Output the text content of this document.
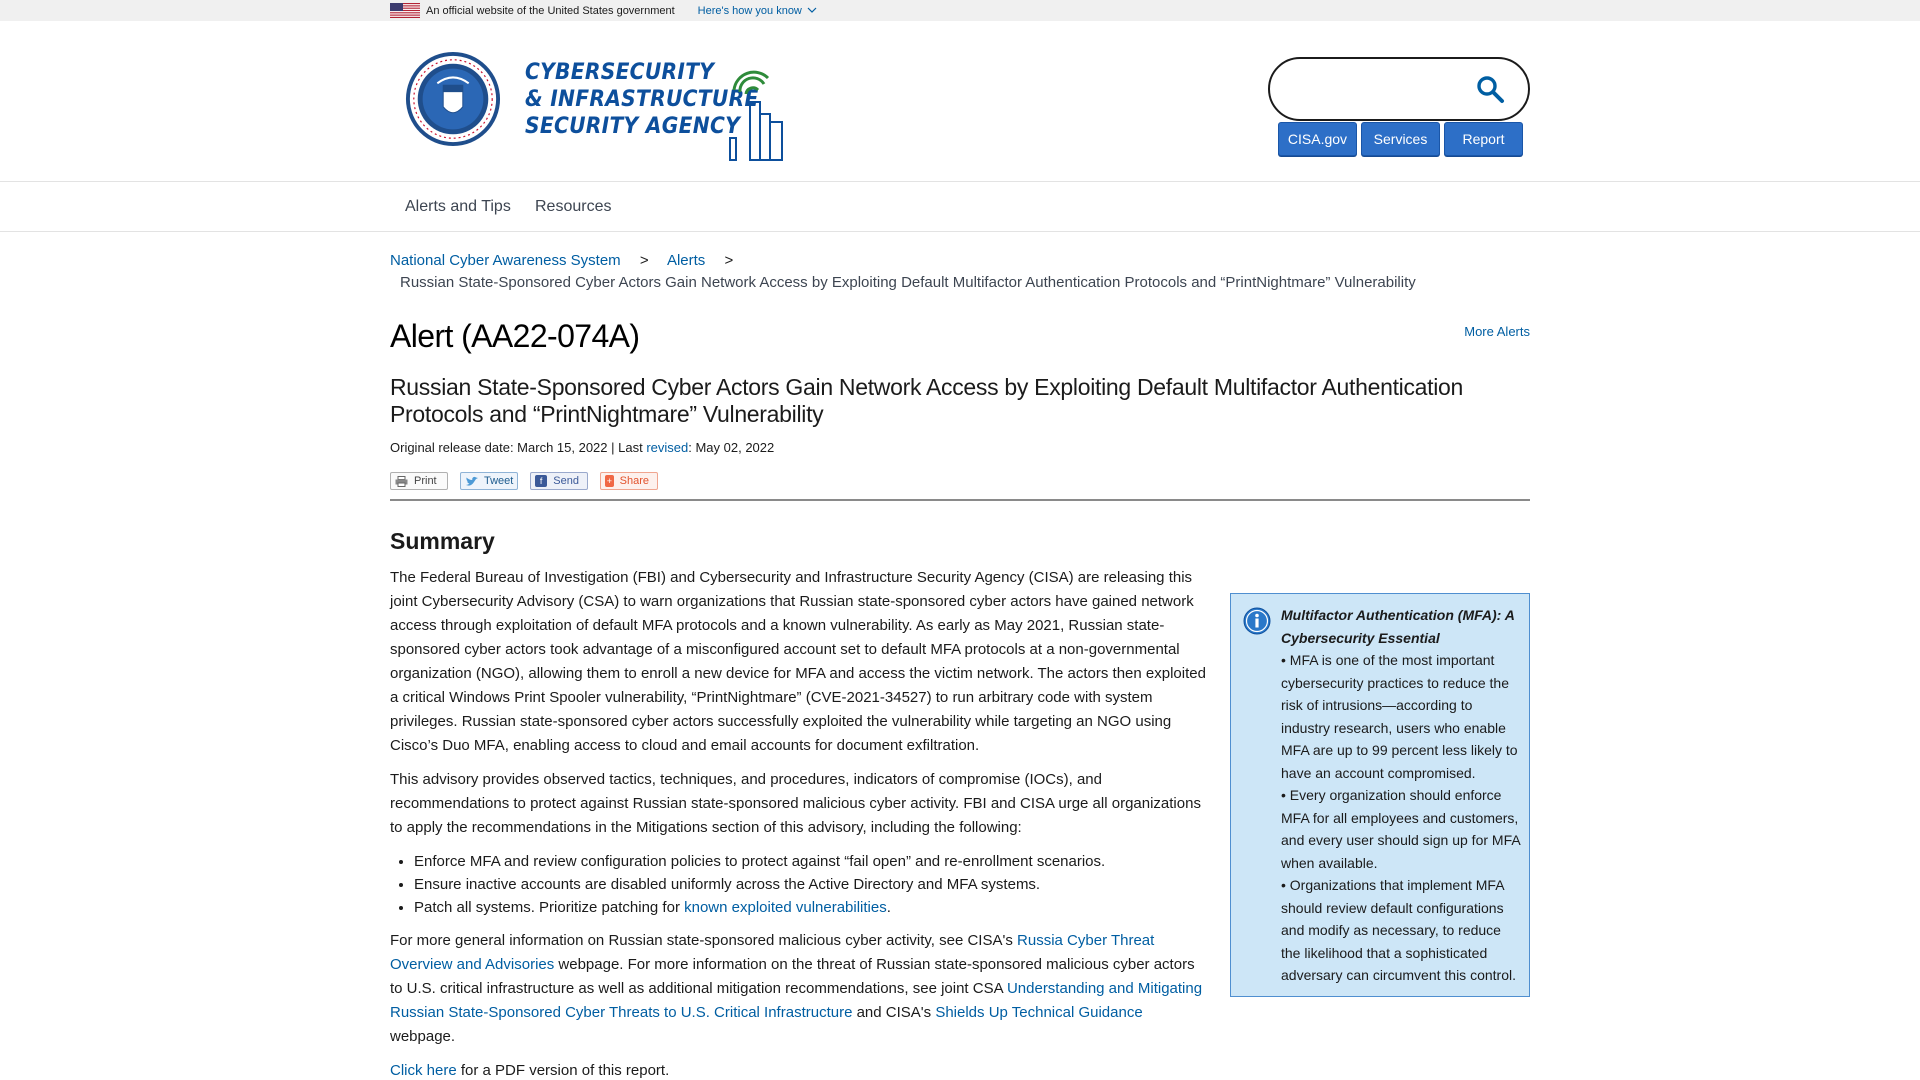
An official website of the United States government Here's how you know
CYBERSECURITY
& INFRASTRUCTURE
SECURITY AGENCY
CISA.gov	Services	Report
Alerts and Tips Resources
National Cyber Awareness System > Alerts >
Russian State-Sponsored Cyber Actors Gain Network Access by Exploiting Default Multifactor Authentication Protocols and “PrintNightmare” Vulnerability
Alert (AA22-074A)	More Alerts
Russian State-Sponsored Cyber Actors Gain Network Access by Exploiting Default Multifactor Authentication Protocols and “PrintNightmare” Vulnerability
Original release date: March 15, 2022 | Last revised: May 02, 2022
Print	Tweet	f Send	+ Share
Summary

The Federal Bureau of Investigation (FBI) and Cybersecurity and Infrastructure Security Agency (CISA) are releasing this joint Cybersecurity Advisory (CSA) to warn organizations that Russian state-sponsored cyber actors have gained network access through exploitation of default MFA protocols and a known vulnerability. As early as May 2021, Russian state-sponsored cyber actors took advantage of a misconfigured account set to default MFA protocols at a non-governmental organization (NGO), allowing them to enroll a new device for MFA and access the victim network. The actors then exploited a critical Windows Print Spooler vulnerability, “PrintNightmare” (CVE-2021-34527) to run arbitrary code with system privileges. Russian state-sponsored cyber actors successfully exploited the vulnerability while targeting an NGO using Cisco’s Duo MFA, enabling access to cloud and email accounts for document exfiltration.

This advisory provides observed tactics, techniques, and procedures, indicators of compromise (IOCs), and recommendations to protect against Russian state-sponsored malicious cyber activity. FBI and CISA urge all organizations to apply the recommendations in the Mitigations section of this advisory, including the following:

• Enforce MFA and review configuration policies to protect against “fail open” and re-enrollment scenarios.
• Ensure inactive accounts are disabled uniformly across the Active Directory and MFA systems.
• Patch all systems. Prioritize patching for known exploited vulnerabilities.

For more general information on Russian state-sponsored malicious cyber activity, see CISA's Russia Cyber Threat Overview and Advisories webpage. For more information on the threat of Russian state-sponsored malicious cyber actors to U.S. critical infrastructure as well as additional mitigation recommendations, see joint CSA Understanding and Mitigating Russian State-Sponsored Cyber Threats to U.S. Critical Infrastructure and CISA's Shields Up Technical Guidance webpage.

Click here for a PDF version of this report.

Multifactor Authentication (MFA): A Cybersecurity Essential
• MFA is one of the most important cybersecurity practices to reduce the risk of intrusions—according to industry research, users who enable MFA are up to 99 percent less likely to have an account compromised.
• Every organization should enforce MFA for all employees and customers, and every user should sign up for MFA when available.
• Organizations that implement MFA should review default configurations and modify as necessary, to reduce the likelihood that a sophisticated adversary can circumvent this control.
